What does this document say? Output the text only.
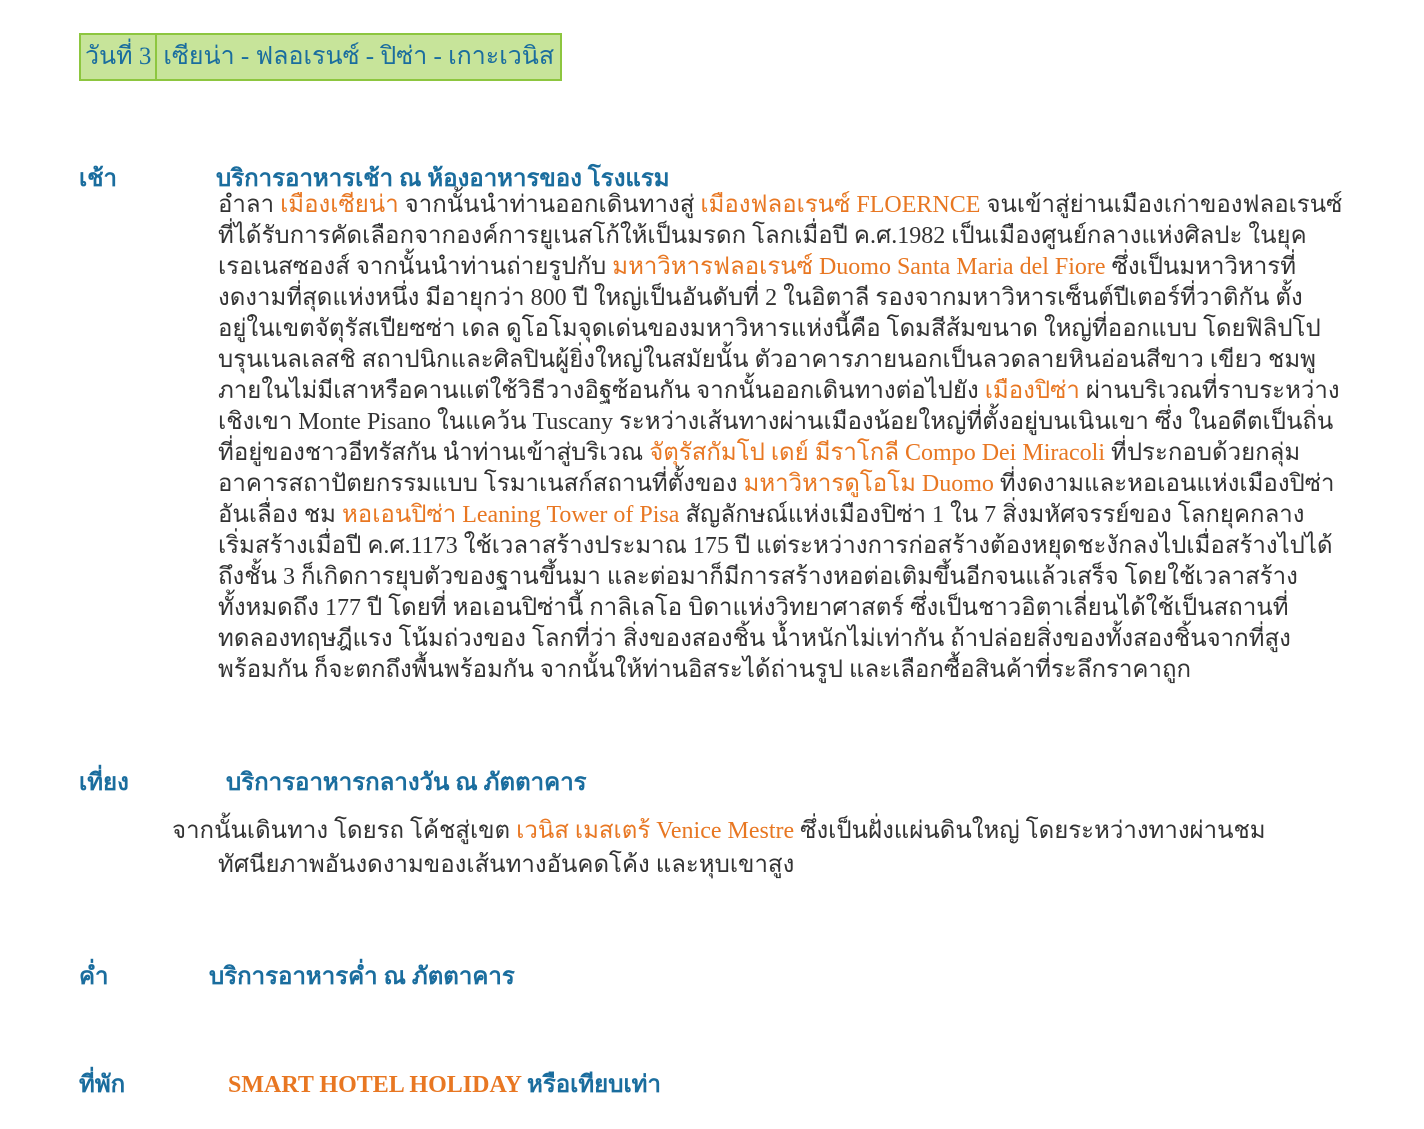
วันที่ 3 เซียน่า - ฟลอเรนซ์ - ปิซ่า - เกาะเวนิส
เช้า	บริการอาหารเช้า ณ ห้องอาหารของ โรงแรม
อำลา เมืองเซียน่า จากนั้นนำท่านออกเดินทางสู่ เมืองฟลอเรนซ์ FLOERNCE จนเข้าสู่ย่านเมืองเก่าของฟลอเรนซ์
ที่ได้รับการคัดเลือกจากองค์การยูเนสโก้ให้เป็นมรดก โลกเมื่อปี ค.ศ.1982 เป็นเมืองศูนย์กลางแห่งศิลปะ ในยุค
เรอเนสซองส์ จากนั้นนำท่านถ่ายรูปกับ มหาวิหารฟลอเรนซ์ Duomo Santa Maria del Fiore ซึ่งเป็นมหาวิหารที่
งดงามที่สุดแห่งหนึ่ง มีอายุกว่า 800 ปี ใหญ่เป็นอันดับที่ 2 ในอิตาลี รองจากมหาวิหารเซ็นต์ปีเตอร์ที่วาติกัน ตั้ง
อยู่ในเขตจัตุรัสเปียซซ่า เดล ดูโอโมจุดเด่นของมหาวิหารแห่งนี้คือ โดมสีส้มขนาด ใหญ่ที่ออกแบบ โดยฟิลิปโป
บรุนเนลเลสชิ สถาปนิกและศิลปินผู้ยิ่งใหญ่ในสมัยนั้น ตัวอาคารภายนอกเป็นลวดลายหินอ่อนสีขาว เขียว ชมพู
ภายในไม่มีเสาหรือคานแต่ใช้วิธีวางอิฐซ้อนกัน จากนั้นออกเดินทางต่อไปยัง เมืองปิซ่า ผ่านบริเวณที่ราบระหว่าง
เชิงเขา Monte Pisano ในแคว้น Tuscany ระหว่างเส้นทางผ่านเมืองน้อยใหญ่ที่ตั้งอยู่บนเนินเขา ซึ่ง ในอดีตเป็นถิ่น
ที่อยู่ของชาวอีทรัสกัน นำท่านเข้าสู่บริเวณ จัตุรัสกัมโป เดย์ มีราโกลี Compo Dei Miracoli ที่ประกอบด้วยกลุ่ม
อาคารสถาปัตยกรรมแบบ โรมาเนสก์สถานที่ตั้งของ มหาวิหารดูโอโม Duomo ที่งดงามและหอเอนแห่งเมืองปิซ่า
อันเลื่อง ชม หอเอนปิซ่า Leaning Tower of Pisa สัญลักษณ์แห่งเมืองปิซ่า 1 ใน 7 สิ่งมหัศจรรย์ของ โลกยุคกลาง
เริ่มสร้างเมื่อปี ค.ศ.1173 ใช้เวลาสร้างประมาณ 175 ปี แต่ระหว่างการก่อสร้างต้องหยุดชะงักลงไปเมื่อสร้างไปได้
ถึงชั้น 3 ก็เกิดการยุบตัวของฐานขึ้นมา และต่อมาก็มีการสร้างหอต่อเติมขึ้นอีกจนแล้วเสร็จ โดยใช้เวลาสร้าง
ทั้งหมดถึง 177 ปี โดยที่ หอเอนปิซ่านี้ กาลิเลโอ บิดาแห่งวิทยาศาสตร์ ซึ่งเป็นชาวอิตาเลี่ยนได้ใช้เป็นสถานที่
ทดลองทฤษฎีแรง โน้มถ่วงของ โลกที่ว่า สิ่งของสองชิ้น น้ำหนักไม่เท่ากัน ถ้าปล่อยสิ่งของทั้งสองชิ้นจากที่สูง
พร้อมกัน ก็จะตกถึงพื้นพร้อมกัน จากนั้นให้ท่านอิสระได้ถ่านรูป และเลือกซื้อสินค้าที่ระลึกราคาถูก
เที่ยง	บริการอาหารกลางวัน ณ ภัตตาคาร
จากนั้นเดินทาง โดยรถ โค้ชสู่เขต เวนิส เมสเตร้ Venice Mestre ซึ่งเป็นฝั่งแผ่นดินใหญ่ โดยระหว่างทางผ่านชม
ทัศนียภาพอันงดงามของเส้นทางอันคดโค้ง และหุบเขาสูง
ค่ำ	บริการอาหารค่ำ ณ ภัตตาคาร
ที่พัก	SMART HOTEL HOLIDAY หรือเทียบเท่า
